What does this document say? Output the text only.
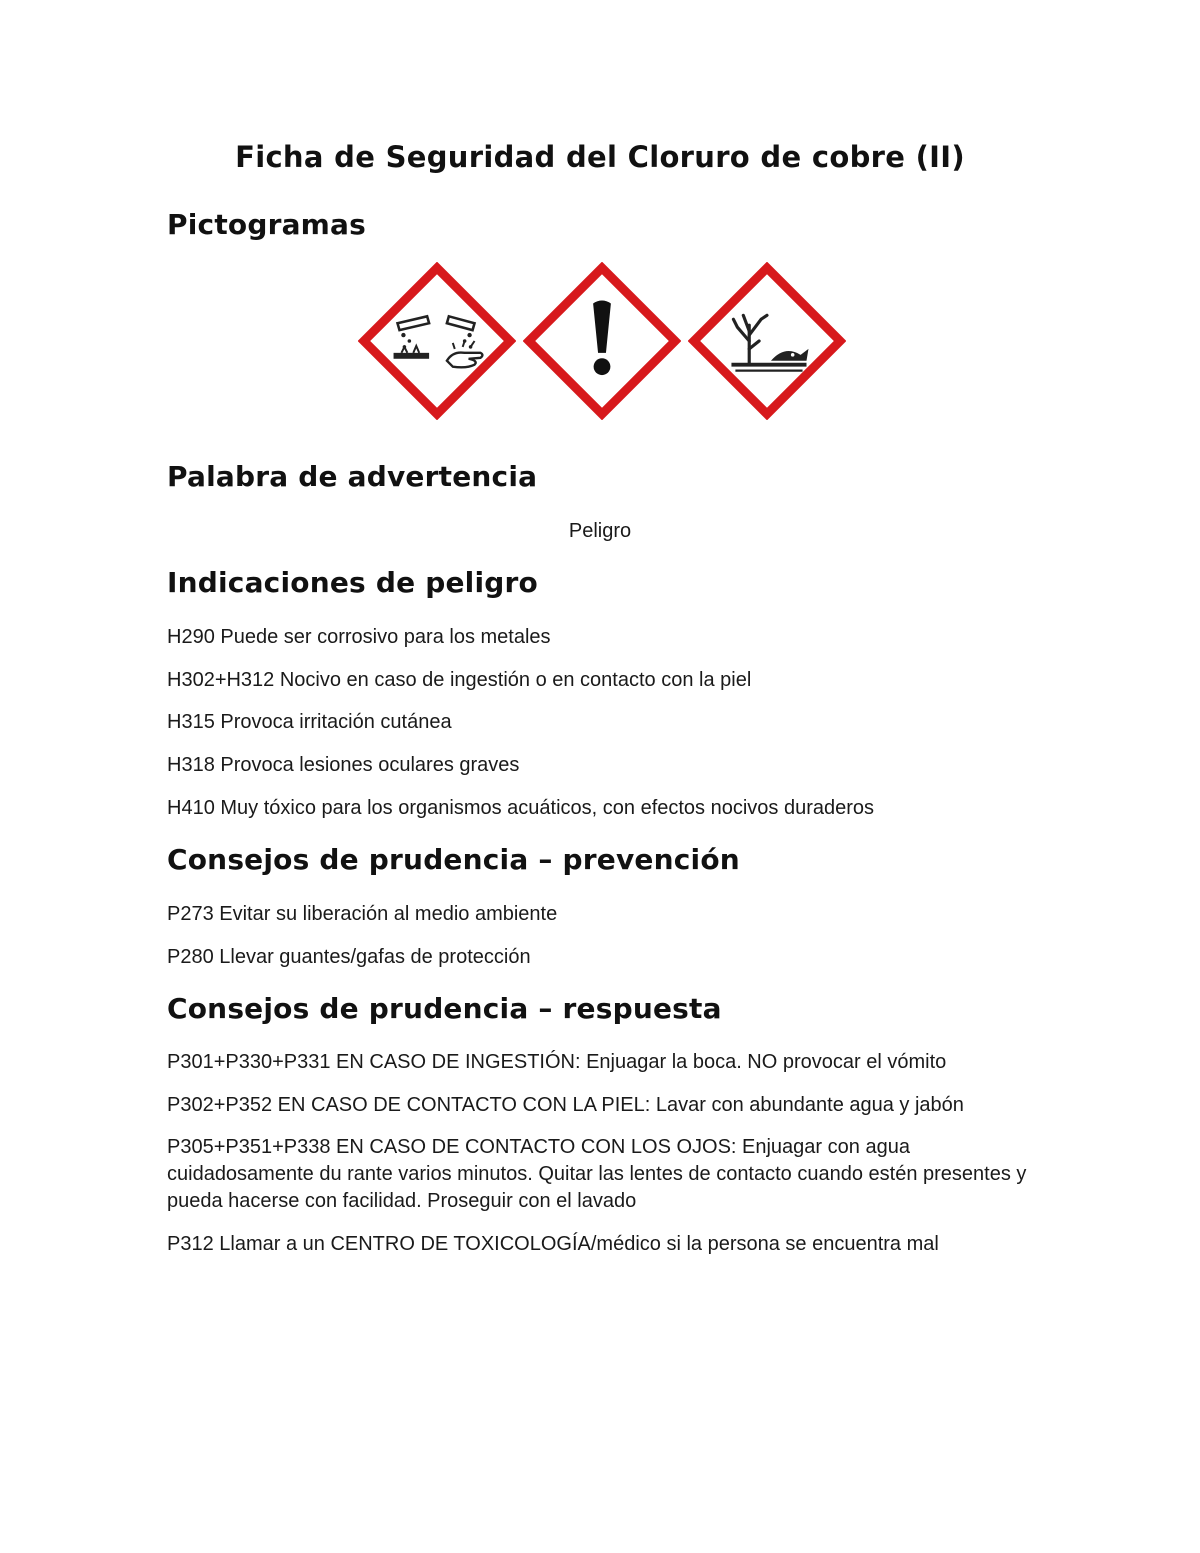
Ficha de Seguridad del Cloruro de cobre (II)
Pictogramas
Palabra de advertencia

Peligro

Indicaciones de peligro

H290 Puede ser corrosivo para los metales

H302+H312 Nocivo en caso de ingestión o en contacto con la piel

H315 Provoca irritación cutánea

H318 Provoca lesiones oculares graves

H410 Muy tóxico para los organismos acuáticos, con efectos nocivos duraderos

Consejos de prudencia – prevención

P273 Evitar su liberación al medio ambiente

P280 Llevar guantes/gafas de protección

Consejos de prudencia – respuesta

P301+P330+P331 EN CASO DE INGESTIÓN: Enjuagar la boca. NO provocar el vómito

P302+P352 EN CASO DE CONTACTO CON LA PIEL: Lavar con abundante agua y jabón

P305+P351+P338 EN CASO DE CONTACTO CON LOS OJOS: Enjuagar con agua cuidadosamente du rante varios minutos. Quitar las lentes de contacto cuando estén presentes y pueda hacerse con facilidad. Proseguir con el lavado

P312 Llamar a un CENTRO DE TOXICOLOGÍA/médico si la persona se encuentra mal
